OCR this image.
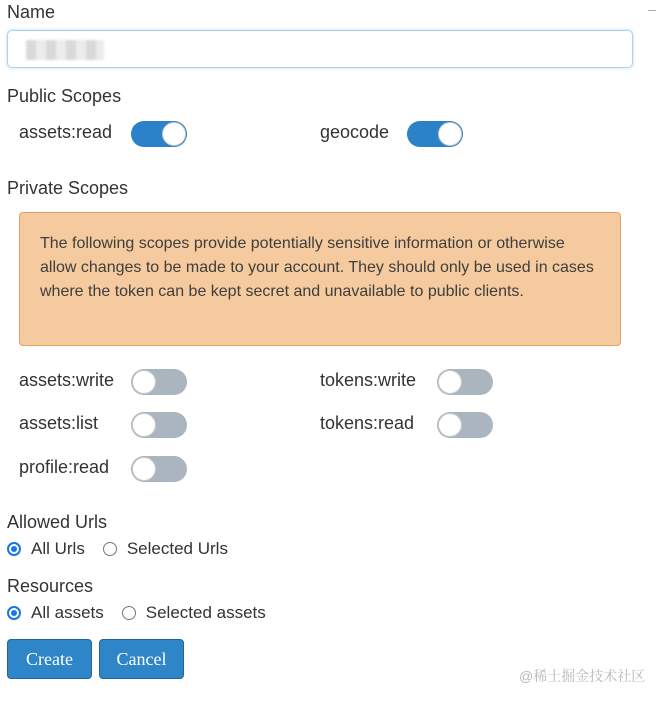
Name
Public Scopes
assets:read	geocode
Private Scopes
The following scopes provide potentially sensitive information or otherwise allow changes to be made to your account. They should only be used in cases where the token can be kept secret and unavailable to public clients.
assets:write	tokens:write
assets:list	tokens:read
profile:read
Allowed Urls
All Urls Selected Urls
Resources
All assets Selected assets
Create	Cancel
@稀土掘金技术社区
